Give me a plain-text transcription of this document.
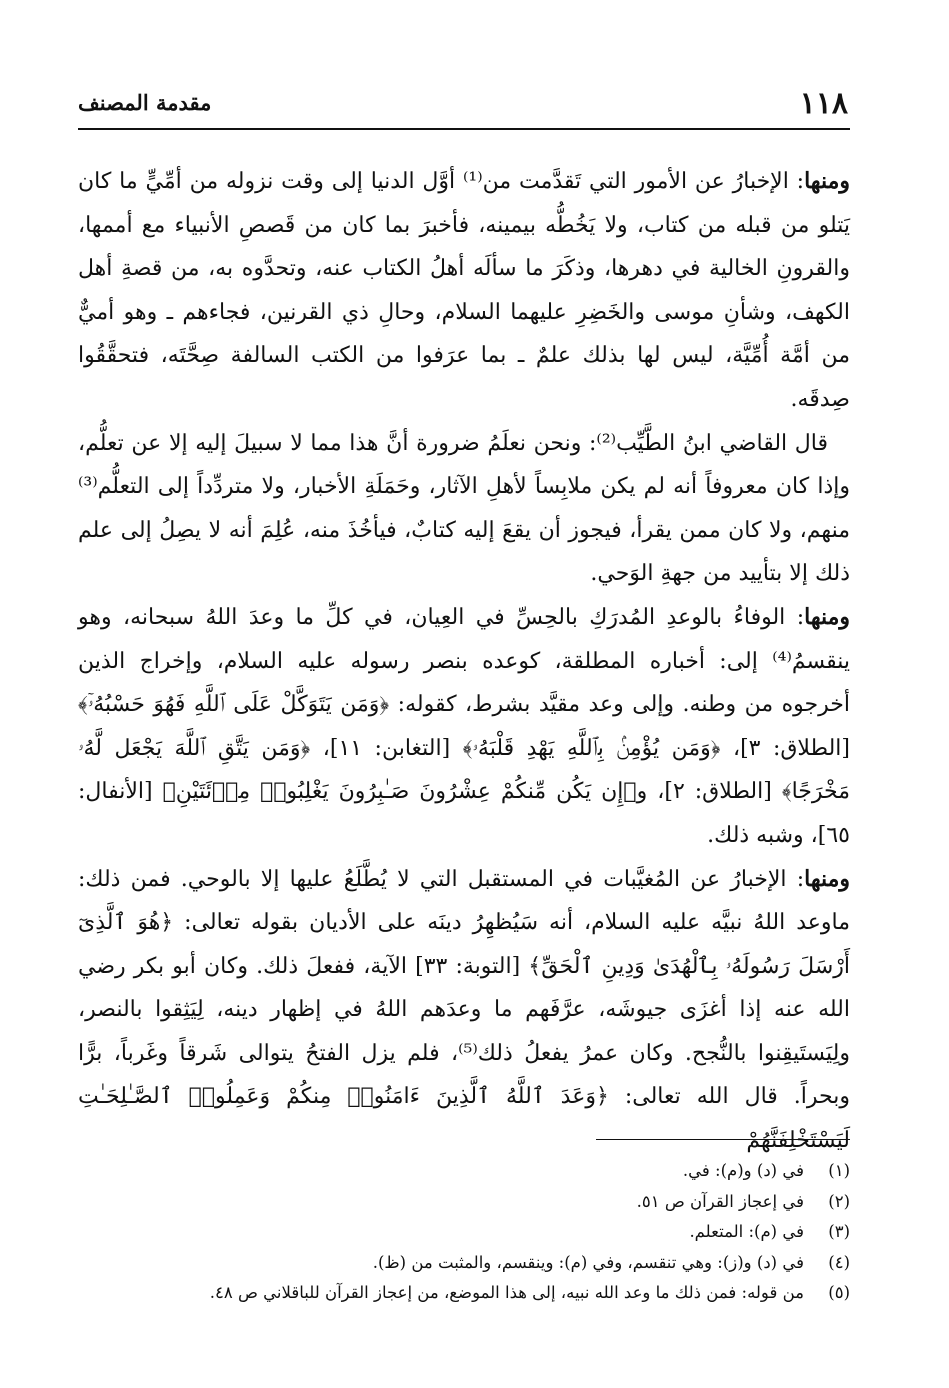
١١٨
مقدمة المصنف

ومنها: الإخبارُ عن الأمور التي تَقدَّمت من⁽¹⁾ أوَّل الدنيا إلى وقت نزوله من أمِّيٍّ ما كان يَتلو من قبله من كتاب، ولا يَخُطُّه بيمينه، فأخبرَ بما كان من قَصصِ الأنبياء مع أممها، والقرونِ الخالية في دهرها، وذكَرَ ما سألَه أهلُ الكتاب عنه، وتحدَّوه به، من قصةِ أهل الكهف، وشأنِ موسى والخَضِرِ عليهما السلام، وحالِ ذي القرنين، فجاءهم ـ وهو أميٌّ من أمَّة أُمِّيَّة، ليس لها بذلك علمٌ ـ بما عرَفوا من الكتب السالفة صِحَّتَه، فتحقَّقُوا صِدقَه.

قال القاضي ابنُ الطَّيِّب⁽²⁾: ونحن نعلَمُ ضرورة أنَّ هذا مما لا سبيلَ إليه إلا عن تعلُّم، وإذا كان معروفاً أنه لم يكن ملابِساً لأهلِ الآثار، وحَمَلَةِ الأخبار، ولا متردِّداً إلى التعلُّم⁽³⁾ منهم، ولا كان ممن يقرأ، فيجوز أن يقعَ إليه كتابٌ، فيأخُذَ منه، عُلِمَ أنه لا يصِلُ إلى علم ذلك إلا بتأييد من جهةِ الوَحي.

ومنها: الوفاءُ بالوعدِ المُدرَكِ بالحِسِّ في العِيان، في كلِّ ما وعدَ اللهُ سبحانه، وهو ينقسمُ⁽⁴⁾ إلى: أخباره المطلقة، كوعده بنصر رسوله عليه السلام، وإخراج الذين أخرجوه من وطنه. وإلى وعد مقيَّد بشرط، كقوله: ﴿وَمَن يَتَوَكَّلْ عَلَى ٱللَّهِ فَهُوَ حَسْبُهُۥٓ﴾ [الطلاق: ٣]، ﴿وَمَن يُؤْمِنۢ بِٱللَّهِ يَهْدِ قَلْبَهُۥ﴾ [التغابن: ١١]، ﴿وَمَن يَتَّقِ ٱللَّهَ يَجْعَل لَّهُۥ مَخْرَجًا﴾ [الطلاق: ٢]، و﴿إِن يَكُن مِّنكُمْ عِشْرُونَ صَـٰبِرُونَ يَغْلِبُوا۟ مِا۟ئَتَيْنِ﴾ [الأنفال: ٦٥]، وشبه ذلك.

ومنها: الإخبارُ عن المُغيَّبات في المستقبل التي لا يُطَّلَعُ عليها إلا بالوحي. فمن ذلك: ماوعد اللهُ نبيَّه عليه السلام، أنه سَيُظهِرُ دينَه على الأديان بقوله تعالى: ﴿هُوَ ٱلَّذِىٓ أَرْسَلَ رَسُولَهُۥ بِٱلْهُدَىٰ وَدِينِ ٱلْحَقِّ﴾ [التوبة: ٣٣] الآية، ففعلَ ذلك. وكان أبو بكر رضي الله عنه إذا أغزَى جيوشَه، عرَّفَهم ما وعدَهم اللهُ في إظهار دينه، لِيَثِقوا بالنصر، ولِيَستَيقِنوا بالنُّجح. وكان عمرُ يفعلُ ذلك⁽⁵⁾، فلم يزل الفتحُ يتوالى شَرقاً وغَرباً، برًّا وبحراً. قال الله تعالى: ﴿وَعَدَ ٱللَّهُ ٱلَّذِينَ ءَامَنُوا۟ مِنكُمْ وَعَمِلُوا۟ ٱلصَّـٰلِحَـٰتِ لَيَسْتَخْلِفَنَّهُمْ

(١)في (د) و(م): في.

(٢)في إعجاز القرآن ص ٥١.

(٣)في (م): المتعلم.

(٤)في (د) و(ز): وهي تنقسم، وفي (م): وينقسم، والمثبت من (ظ).

(٥)من قوله: فمن ذلك ما وعد الله نبيه، إلى هذا الموضع، من إعجاز القرآن للباقلاني ص ٤٨.
